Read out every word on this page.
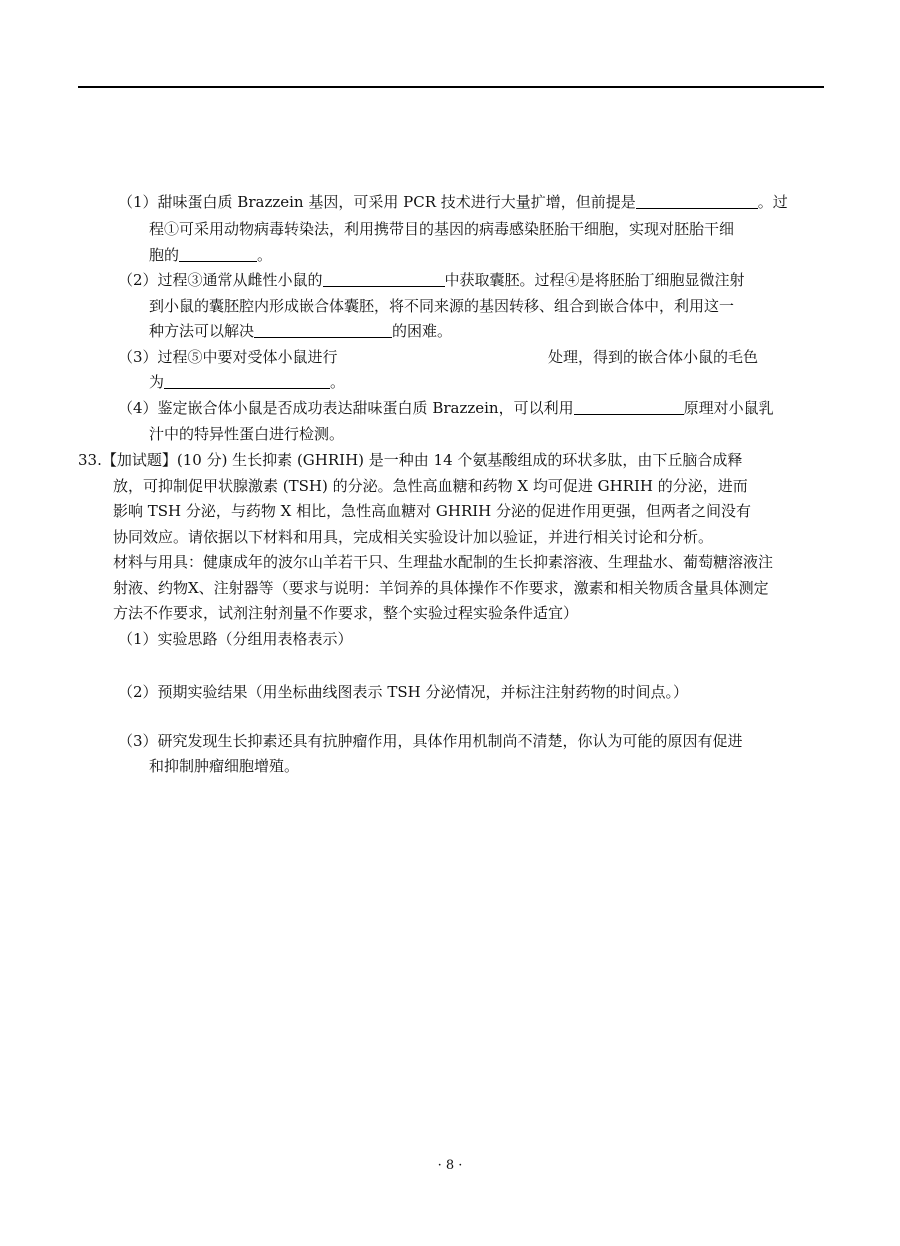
（1）甜味蛋白质 Brazzein 基因，可采用 PCR 技术进行大量扩增，但前提是	。过
程①可采用动物病毒转染法，利用携带目的基因的病毒感染胚胎干细胞，实现对胚胎干细
胞的	。
（2）过程③通常从雌性小鼠的	中获取囊胚。过程④是将胚胎丁细胞显微注射
到小鼠的囊胚腔内形成嵌合体囊胚，将不同来源的基因转移、组合到嵌合体中，利用这一
种方法可以解决	的困难。
（3）过程⑤中要对受体小鼠进行	处理，得到的嵌合体小鼠的毛色
为	。
（4）鉴定嵌合体小鼠是否成功表达甜味蛋白质 Brazzein，可以利用	原理对小鼠乳
汁中的特异性蛋白进行检测。
33.【加试题】(10 分) 生长抑素 (GHRIH) 是一种由 14 个氨基酸组成的环状多肽，由下丘脑合成释
放，可抑制促甲状腺激素 (TSH) 的分泌。急性高血糖和药物 X 均可促进 GHRIH 的分泌，进而
影响 TSH 分泌，与药物 X 相比，急性高血糖对 GHRIH 分泌的促进作用更强，但两者之间没有
协同效应。请依据以下材料和用具，完成相关实验设计加以验证，并进行相关讨论和分析。
材料与用具：健康成年的波尔山羊若干只、生理盐水配制的生长抑素溶液、生理盐水、葡萄糖溶液注
射液、约物X、注射器等（要求与说明：羊饲养的具体操作不作要求，激素和相关物质含量具体测定
方法不作要求，试剂注射剂量不作要求，整个实验过程实验条件适宜）
（1）实验思路（分组用表格表示）
（2）预期实验结果（用坐标曲线图表示 TSH 分泌情况，并标注注射药物的时间点。）
（3）研究发现生长抑素还具有抗肿瘤作用，具体作用机制尚不清楚，你认为可能的原因有促进
和抑制肿瘤细胞增殖。
· 8 ·
